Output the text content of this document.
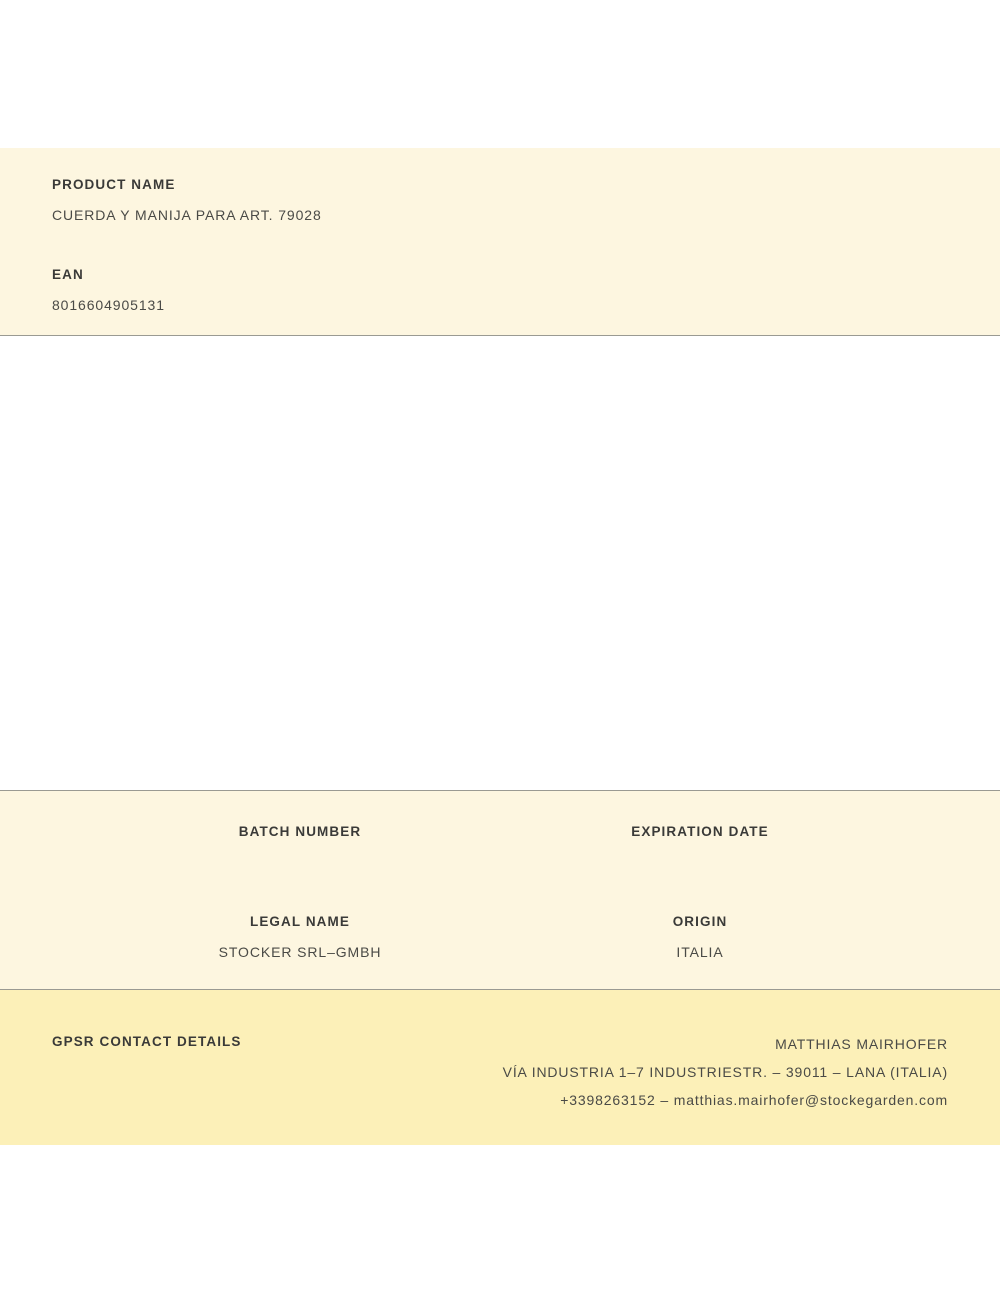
PRODUCT NAME
CUERDA Y MANIJA PARA ART. 79028
EAN
8016604905131
BATCH NUMBER	EXPIRATION DATE
LEGAL NAME
STOCKER SRL–GMBH
ORIGIN
ITALIA
GPSR CONTACT DETAILS	MATTHIAS MAIRHOFER
VÍA INDUSTRIA 1–7 INDUSTRIESTR. – 39011 – LANA (ITALIA)
+3398263152 – matthias.mairhofer@stockegarden.com
